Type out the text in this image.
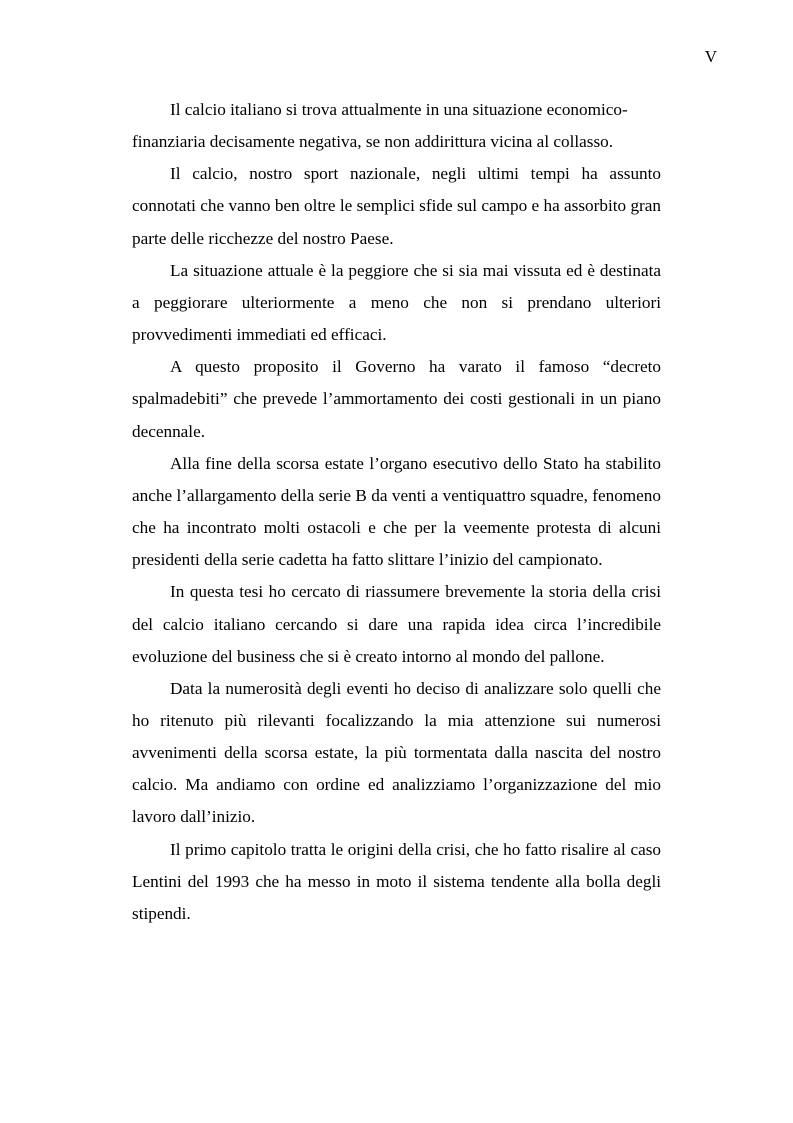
V

Il calcio italiano si trova attualmente in una situazione economico-finanziaria decisamente negativa, se non addirittura vicina al collasso.

Il calcio, nostro sport nazionale, negli ultimi tempi ha assunto connotati che vanno ben oltre le semplici sfide sul campo e ha assorbito gran parte delle ricchezze del nostro Paese.

La situazione attuale è la peggiore che si sia mai vissuta ed è destinata a peggiorare ulteriormente a meno che non si prendano ulteriori provvedimenti immediati ed efficaci.

A questo proposito il Governo ha varato il famoso “decreto spalmadebiti” che prevede l’ammortamento dei costi gestionali in un piano decennale.

Alla fine della scorsa estate l’organo esecutivo dello Stato ha stabilito anche l’allargamento della serie B da venti a ventiquattro squadre, fenomeno che ha incontrato molti ostacoli e che per la veemente protesta di alcuni presidenti della serie cadetta ha fatto slittare l’inizio del campionato.

In questa tesi ho cercato di riassumere brevemente la storia della crisi del calcio italiano cercando si dare una rapida idea circa l’incredibile evoluzione del business che si è creato intorno al mondo del pallone.

Data la numerosità degli eventi ho deciso di analizzare solo quelli che ho ritenuto più rilevanti focalizzando la mia attenzione sui numerosi avvenimenti della scorsa estate, la più tormentata dalla nascita del nostro calcio. Ma andiamo con ordine ed analizziamo l’organizzazione del mio lavoro dall’inizio.

Il primo capitolo tratta le origini della crisi, che ho fatto risalire al caso Lentini del 1993 che ha messo in moto il sistema tendente alla bolla degli stipendi.
